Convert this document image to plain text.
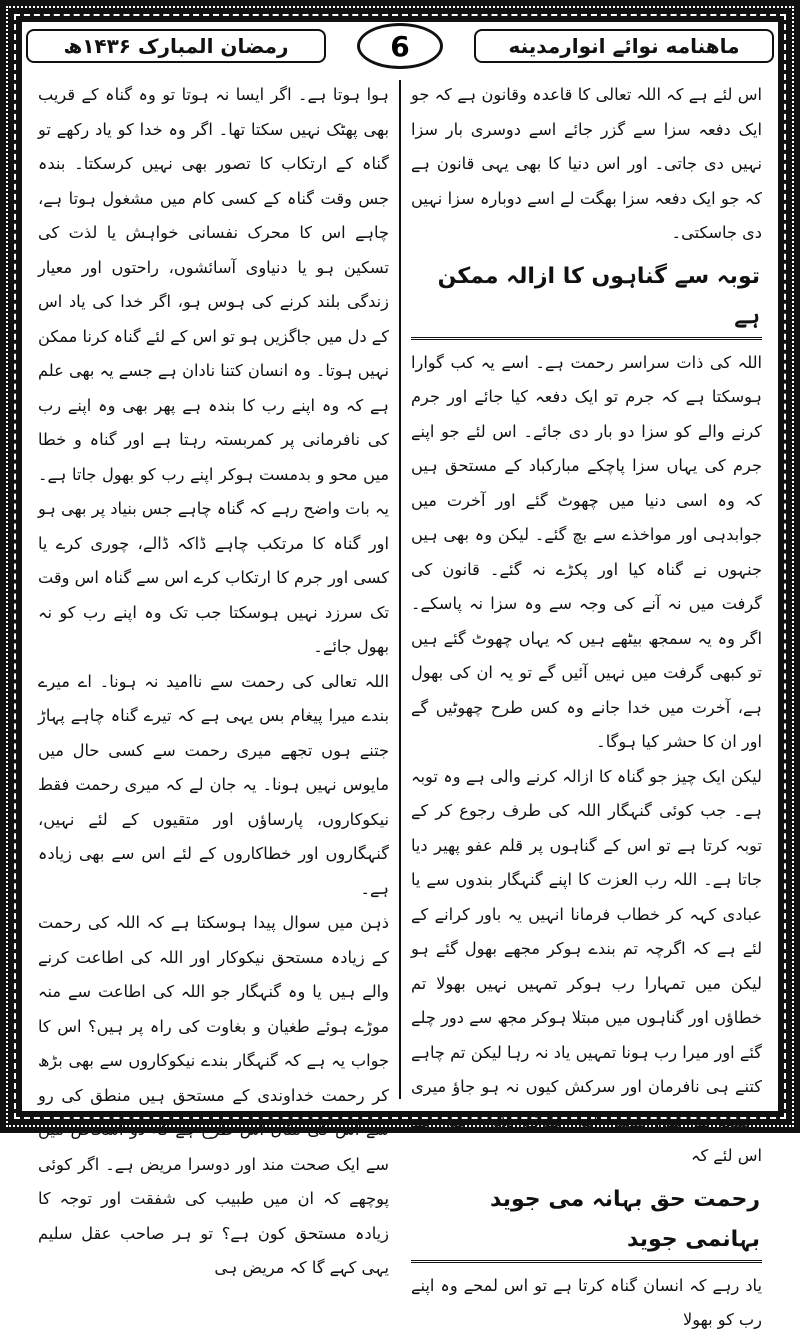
ماهنامه نوائے انوارمدینه
6
رمضان المبارک ۱۴۳۶ھ

اس لئے ہے کہ اللہ تعالی کا قاعدہ وقانون ہے کہ جو ایک دفعہ سزا سے گزر جائے اسے دوسری بار سزا نہیں دی جاتی۔ اور اس دنیا کا بھی یہی قانون ہے کہ جو ایک دفعہ سزا بھگت لے اسے دوبارہ سزا نہیں دی جاسکتی۔

توبہ سے گناہوں کا ازالہ ممکن ہے

اللہ کی ذات سراسر رحمت ہے۔ اسے یہ کب گوارا ہوسکتا ہے کہ جرم تو ایک دفعہ کیا جائے اور جرم کرنے والے کو سزا دو بار دی جائے۔ اس لئے جو اپنے جرم کی یہاں سزا پاچکے مبارکباد کے مستحق ہیں کہ وہ اسی دنیا میں چھوٹ گئے اور آخرت میں جوابدہی اور مواخذے سے بچ گئے۔ لیکن وہ بھی ہیں جنہوں نے گناہ کیا اور پکڑے نہ گئے۔ قانون کی گرفت میں نہ آنے کی وجہ سے وہ سزا نہ پاسکے۔ اگر وہ یہ سمجھ بیٹھے ہیں کہ یہاں چھوٹ گئے ہیں تو کبھی گرفت میں نہیں آئیں گے تو یہ ان کی بھول ہے، آخرت میں خدا جانے وہ کس طرح چھوٹیں گے اور ان کا حشر کیا ہوگا۔

لیکن ایک چیز جو گناہ کا ازالہ کرنے والی ہے وہ توبہ ہے۔ جب کوئی گنہگار اللہ کی طرف رجوع کر کے توبہ کرتا ہے تو اس کے گناہوں پر قلم عفو پھیر دیا جاتا ہے۔ اللہ رب العزت کا اپنے گنہگار بندوں سے یا عبادی کہہ کر خطاب فرمانا انہیں یہ باور کرانے کے لئے ہے کہ اگرچہ تم بندے ہوکر مجھے بھول گئے ہو لیکن میں تمہارا رب ہوکر تمہیں نہیں بھولا تم خطاؤں اور گناہوں میں مبتلا ہوکر مجھ سے دور چلے گئے اور میرا رب ہونا تمہیں یاد نہ رہا لیکن تم چاہے کتنے ہی نافرمان اور سرکش کیوں نہ ہو جاؤ میری رحمت پھر بھی تمہیں اپنی طرف بلاتی رہتی ہے اس لئے کہ

رحمت حق بہانہ می جوید بہانمی جوید

یاد رہے کہ انسان گناہ کرتا ہے تو اس لمحے وہ اپنے رب کو بھولا

ہوا ہوتا ہے۔ اگر ایسا نہ ہوتا تو وہ گناہ کے قریب بھی پھٹک نہیں سکتا تھا۔ اگر وہ خدا کو یاد رکھے تو گناہ کے ارتکاب کا تصور بھی نہیں کرسکتا۔ بندہ جس وقت گناہ کے کسی کام میں مشغول ہوتا ہے، چاہے اس کا محرک نفسانی خواہش یا لذت کی تسکین ہو یا دنیاوی آسائشوں، راحتوں اور معیار زندگی بلند کرنے کی ہوس ہو، اگر خدا کی یاد اس کے دل میں جاگزیں ہو تو اس کے لئے گناہ کرنا ممکن نہیں ہوتا۔ وہ انسان کتنا نادان ہے جسے یہ بھی علم ہے کہ وہ اپنے رب کا بندہ ہے پھر بھی وہ اپنے رب کی نافرمانی پر کمربستہ رہتا ہے اور گناہ و خطا میں محو و بدمست ہوکر اپنے رب کو بھول جاتا ہے۔ یہ بات واضح رہے کہ گناہ چاہے جس بنیاد پر بھی ہو اور گناہ کا مرتکب چاہے ڈاکہ ڈالے، چوری کرے یا کسی اور جرم کا ارتکاب کرے اس سے گناہ اس وقت تک سرزد نہیں ہوسکتا جب تک وہ اپنے رب کو نہ بھول جائے۔

اللہ تعالی کی رحمت سے ناامید نہ ہونا۔ اے میرے بندے میرا پیغام بس یہی ہے کہ تیرے گناہ چاہے پہاڑ جتنے ہوں تجھے میری رحمت سے کسی حال میں مایوس نہیں ہونا۔ یہ جان لے کہ میری رحمت فقط نیکوکاروں، پارساؤں اور متقیوں کے لئے نہیں، گنہگاروں اور خطاکاروں کے لئے اس سے بھی زیادہ ہے۔

ذہن میں سوال پیدا ہوسکتا ہے کہ اللہ کی رحمت کے زیادہ مستحق نیکوکار اور اللہ کی اطاعت کرنے والے ہیں یا وہ گنہگار جو اللہ کی اطاعت سے منہ موڑے ہوئے طغیان و بغاوت کی راہ پر ہیں؟ اس کا جواب یہ ہے کہ گنہگار بندے نیکوکاروں سے بھی بڑھ کر رحمت خداوندی کے مستحق ہیں منطق کی رو سے اس کی مثال اس طرح ہے کہ دو اشخاص میں سے ایک صحت مند اور دوسرا مریض ہے۔ اگر کوئی پوچھے کہ ان میں طبیب کی شفقت اور توجہ کا زیادہ مستحق کون ہے؟ تو ہر صاحب عقل سلیم یہی کہے گا کہ مریض ہی
